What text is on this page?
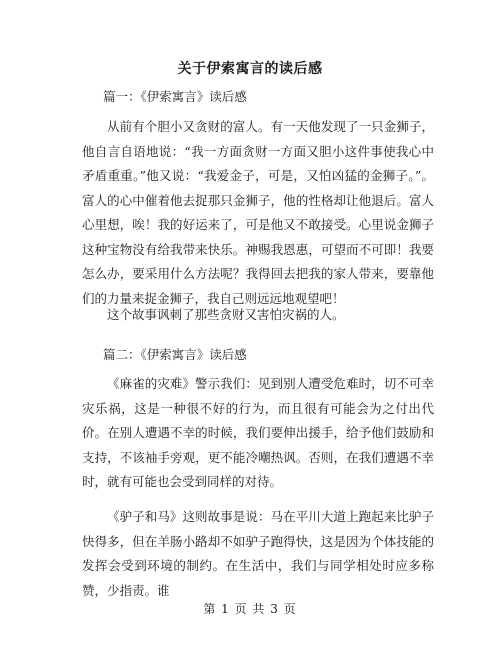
关于伊索寓言的读后感
篇一：《伊索寓言》读后感

从前有个胆小又贪财的富人。有一天他发现了一只金狮子，他自言自语地说：“我一方面贪财一方面又胆小这件事使我心中矛盾重重。”他又说：“我爱金子，可是，又怕凶猛的金狮子。”。富人的心中催着他去捉那只金狮子，他的性格却让他退后。富人心里想，唉！我的好运来了，可是他又不敢接受。心里说金狮子这种宝物没有给我带来快乐。神赐我恩惠，可望而不可即！我要怎么办，要采用什么方法呢？我得回去把我的家人带来，要靠他们的力量来捉金狮子，我自己则远远地观望吧！

这个故事讽刺了那些贪财又害怕灾祸的人。

篇二：《伊索寓言》读后感

《麻雀的灾难》警示我们：见到别人遭受危难时，切不可幸灾乐祸，这是一种很不好的行为，而且很有可能会为之付出代价。在别人遭遇不幸的时候，我们要伸出援手，给予他们鼓励和支持，不该袖手旁观，更不能冷嘲热讽。否则，在我们遭遇不幸时，就有可能也会受到同样的对待。

《驴子和马》这则故事是说：马在平川大道上跑起来比驴子快得多，但在羊肠小路却不如驴子跑得快，这是因为个体技能的发挥会受到环境的制约。在生活中，我们与同学相处时应多称赞，少指责。谁

第 1 页 共 3 页
